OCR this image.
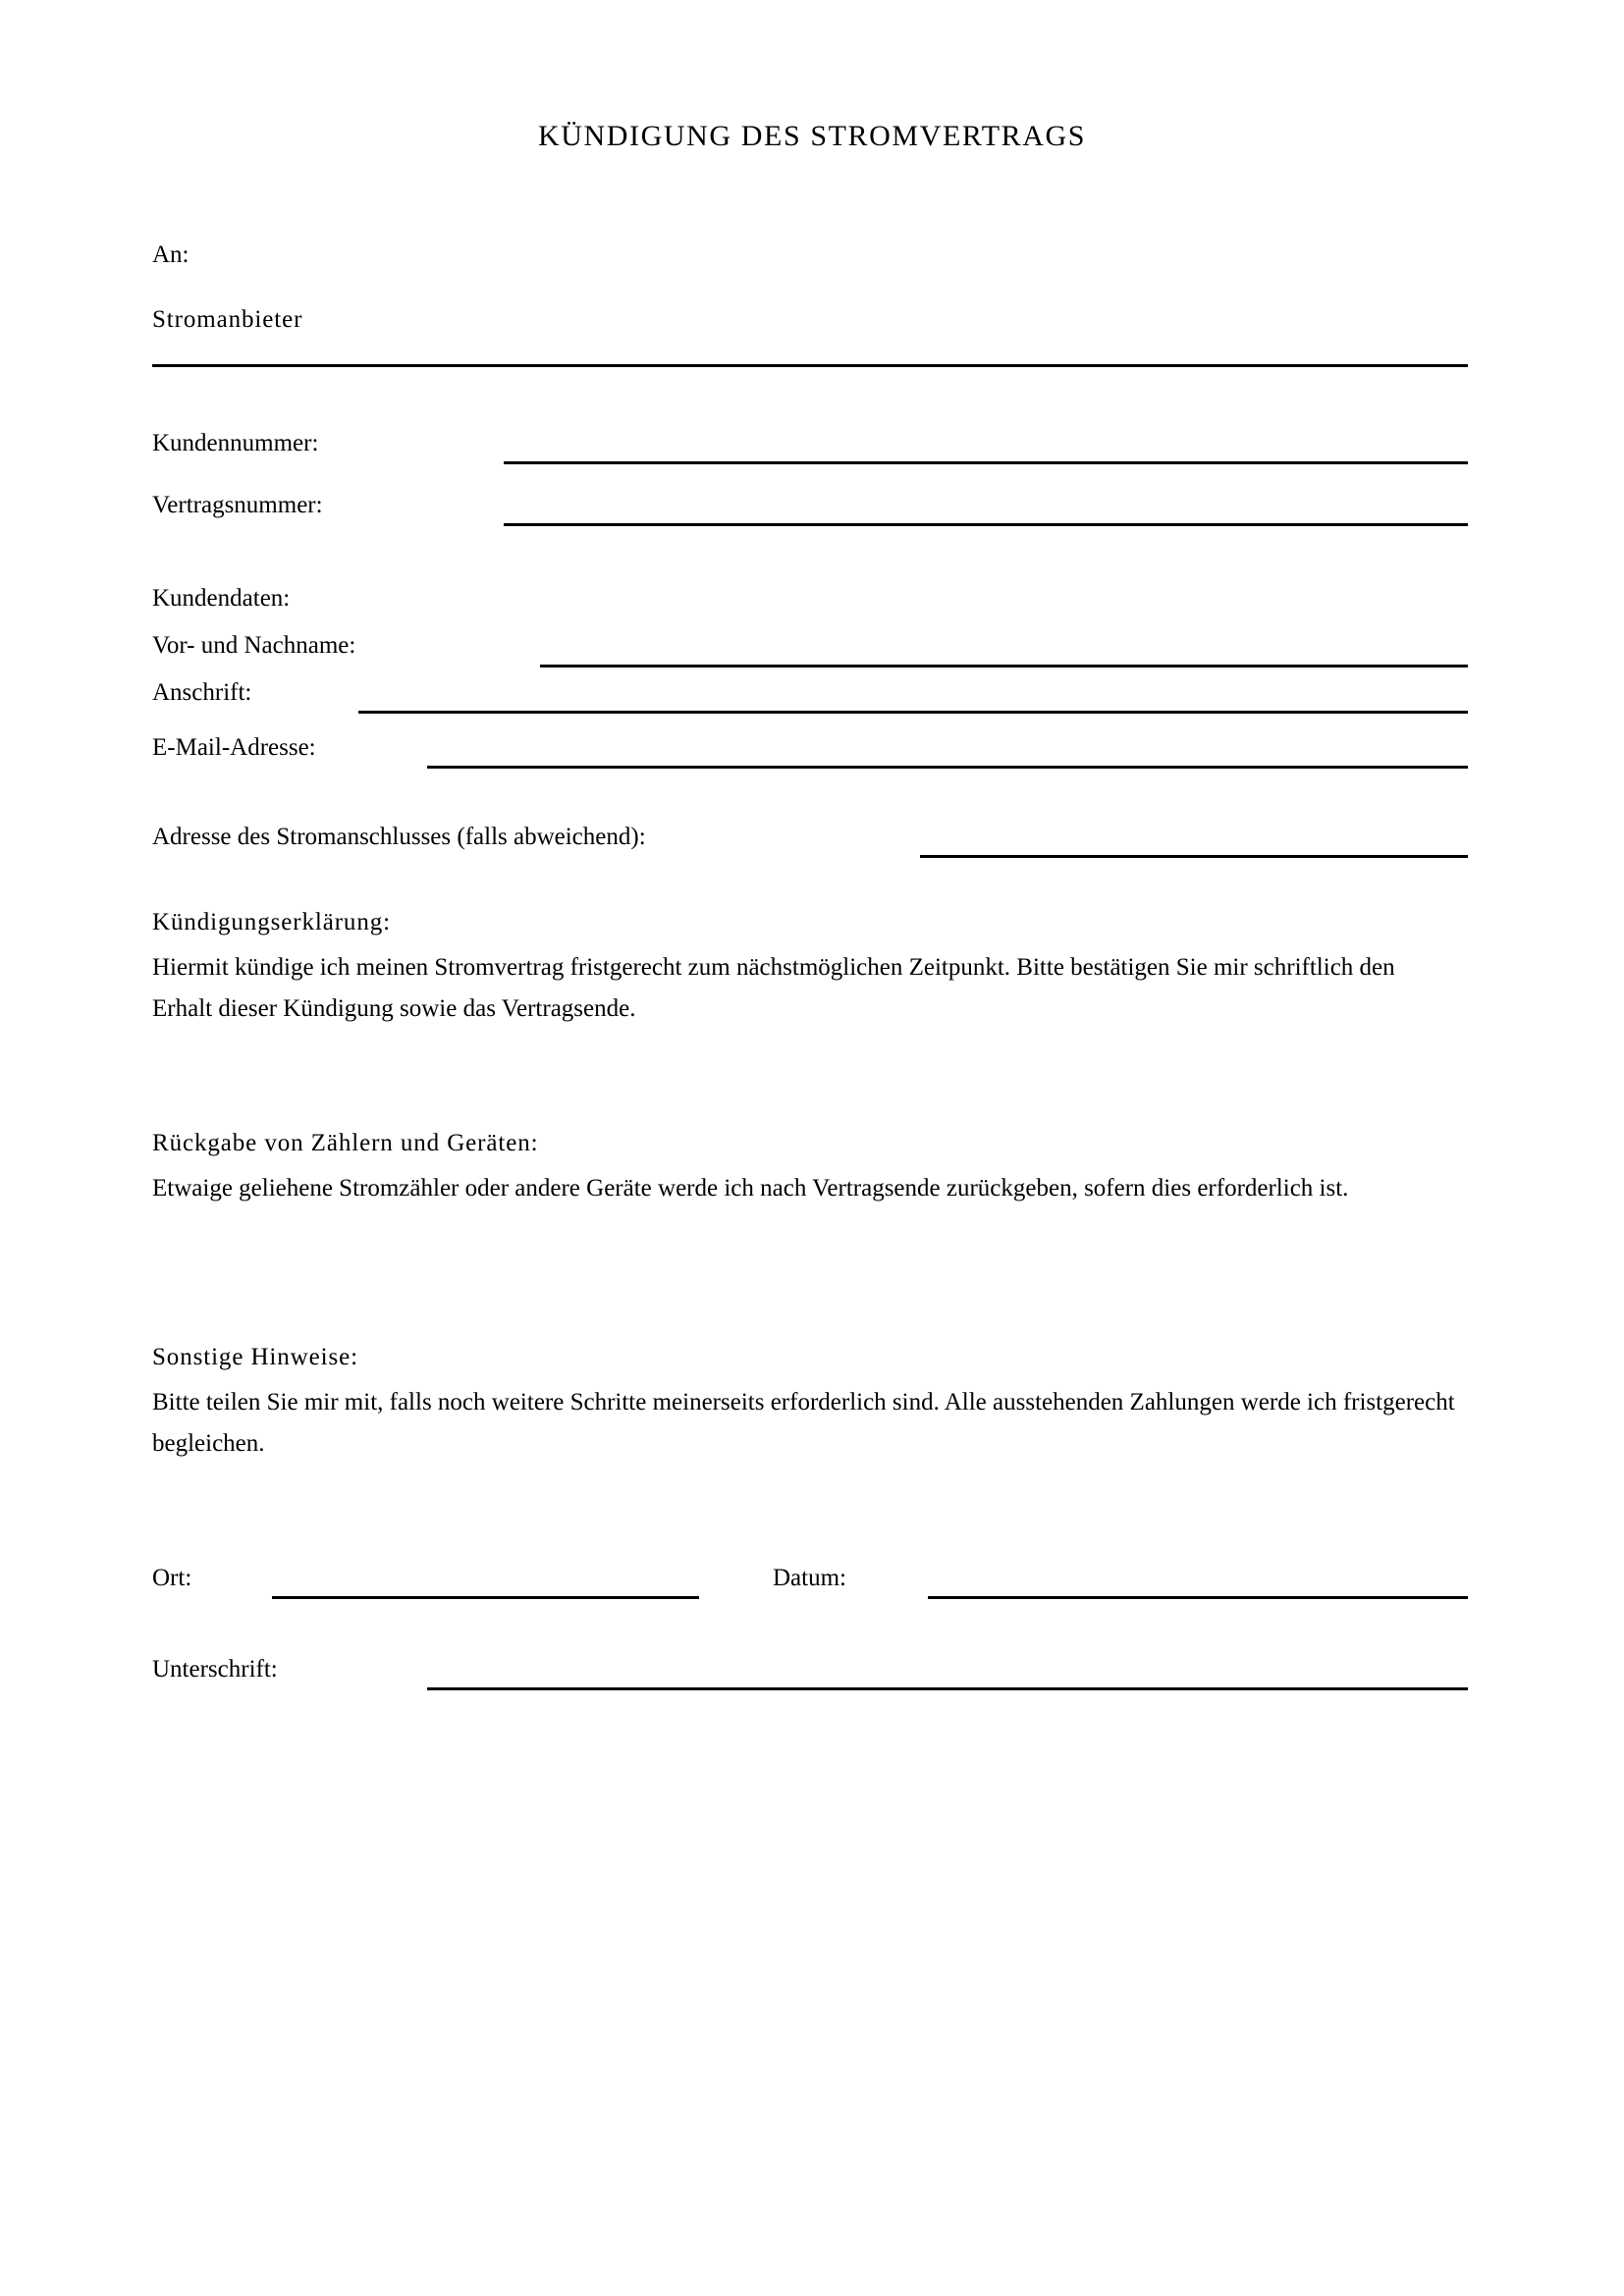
KÜNDIGUNG DES STROMVERTRAGS
An:
Stromanbieter
Kundennummer:
Vertragsnummer:
Kundendaten:
Vor- und Nachname:
Anschrift:
E-Mail-Adresse:
Adresse des Stromanschlusses (falls abweichend):
Kündigungserklärung:
Hiermit kündige ich meinen Stromvertrag fristgerecht zum nächstmöglichen Zeitpunkt. Bitte bestätigen Sie mir schriftlich den Erhalt dieser Kündigung sowie das Vertragsende.
Rückgabe von Zählern und Geräten:
Etwaige geliehene Stromzähler oder andere Geräte werde ich nach Vertragsende zurückgeben, sofern dies erforderlich ist.
Sonstige Hinweise:
Bitte teilen Sie mir mit, falls noch weitere Schritte meinerseits erforderlich sind. Alle ausstehenden Zahlungen werde ich fristgerecht begleichen.
Ort:	Datum:
Unterschrift:
